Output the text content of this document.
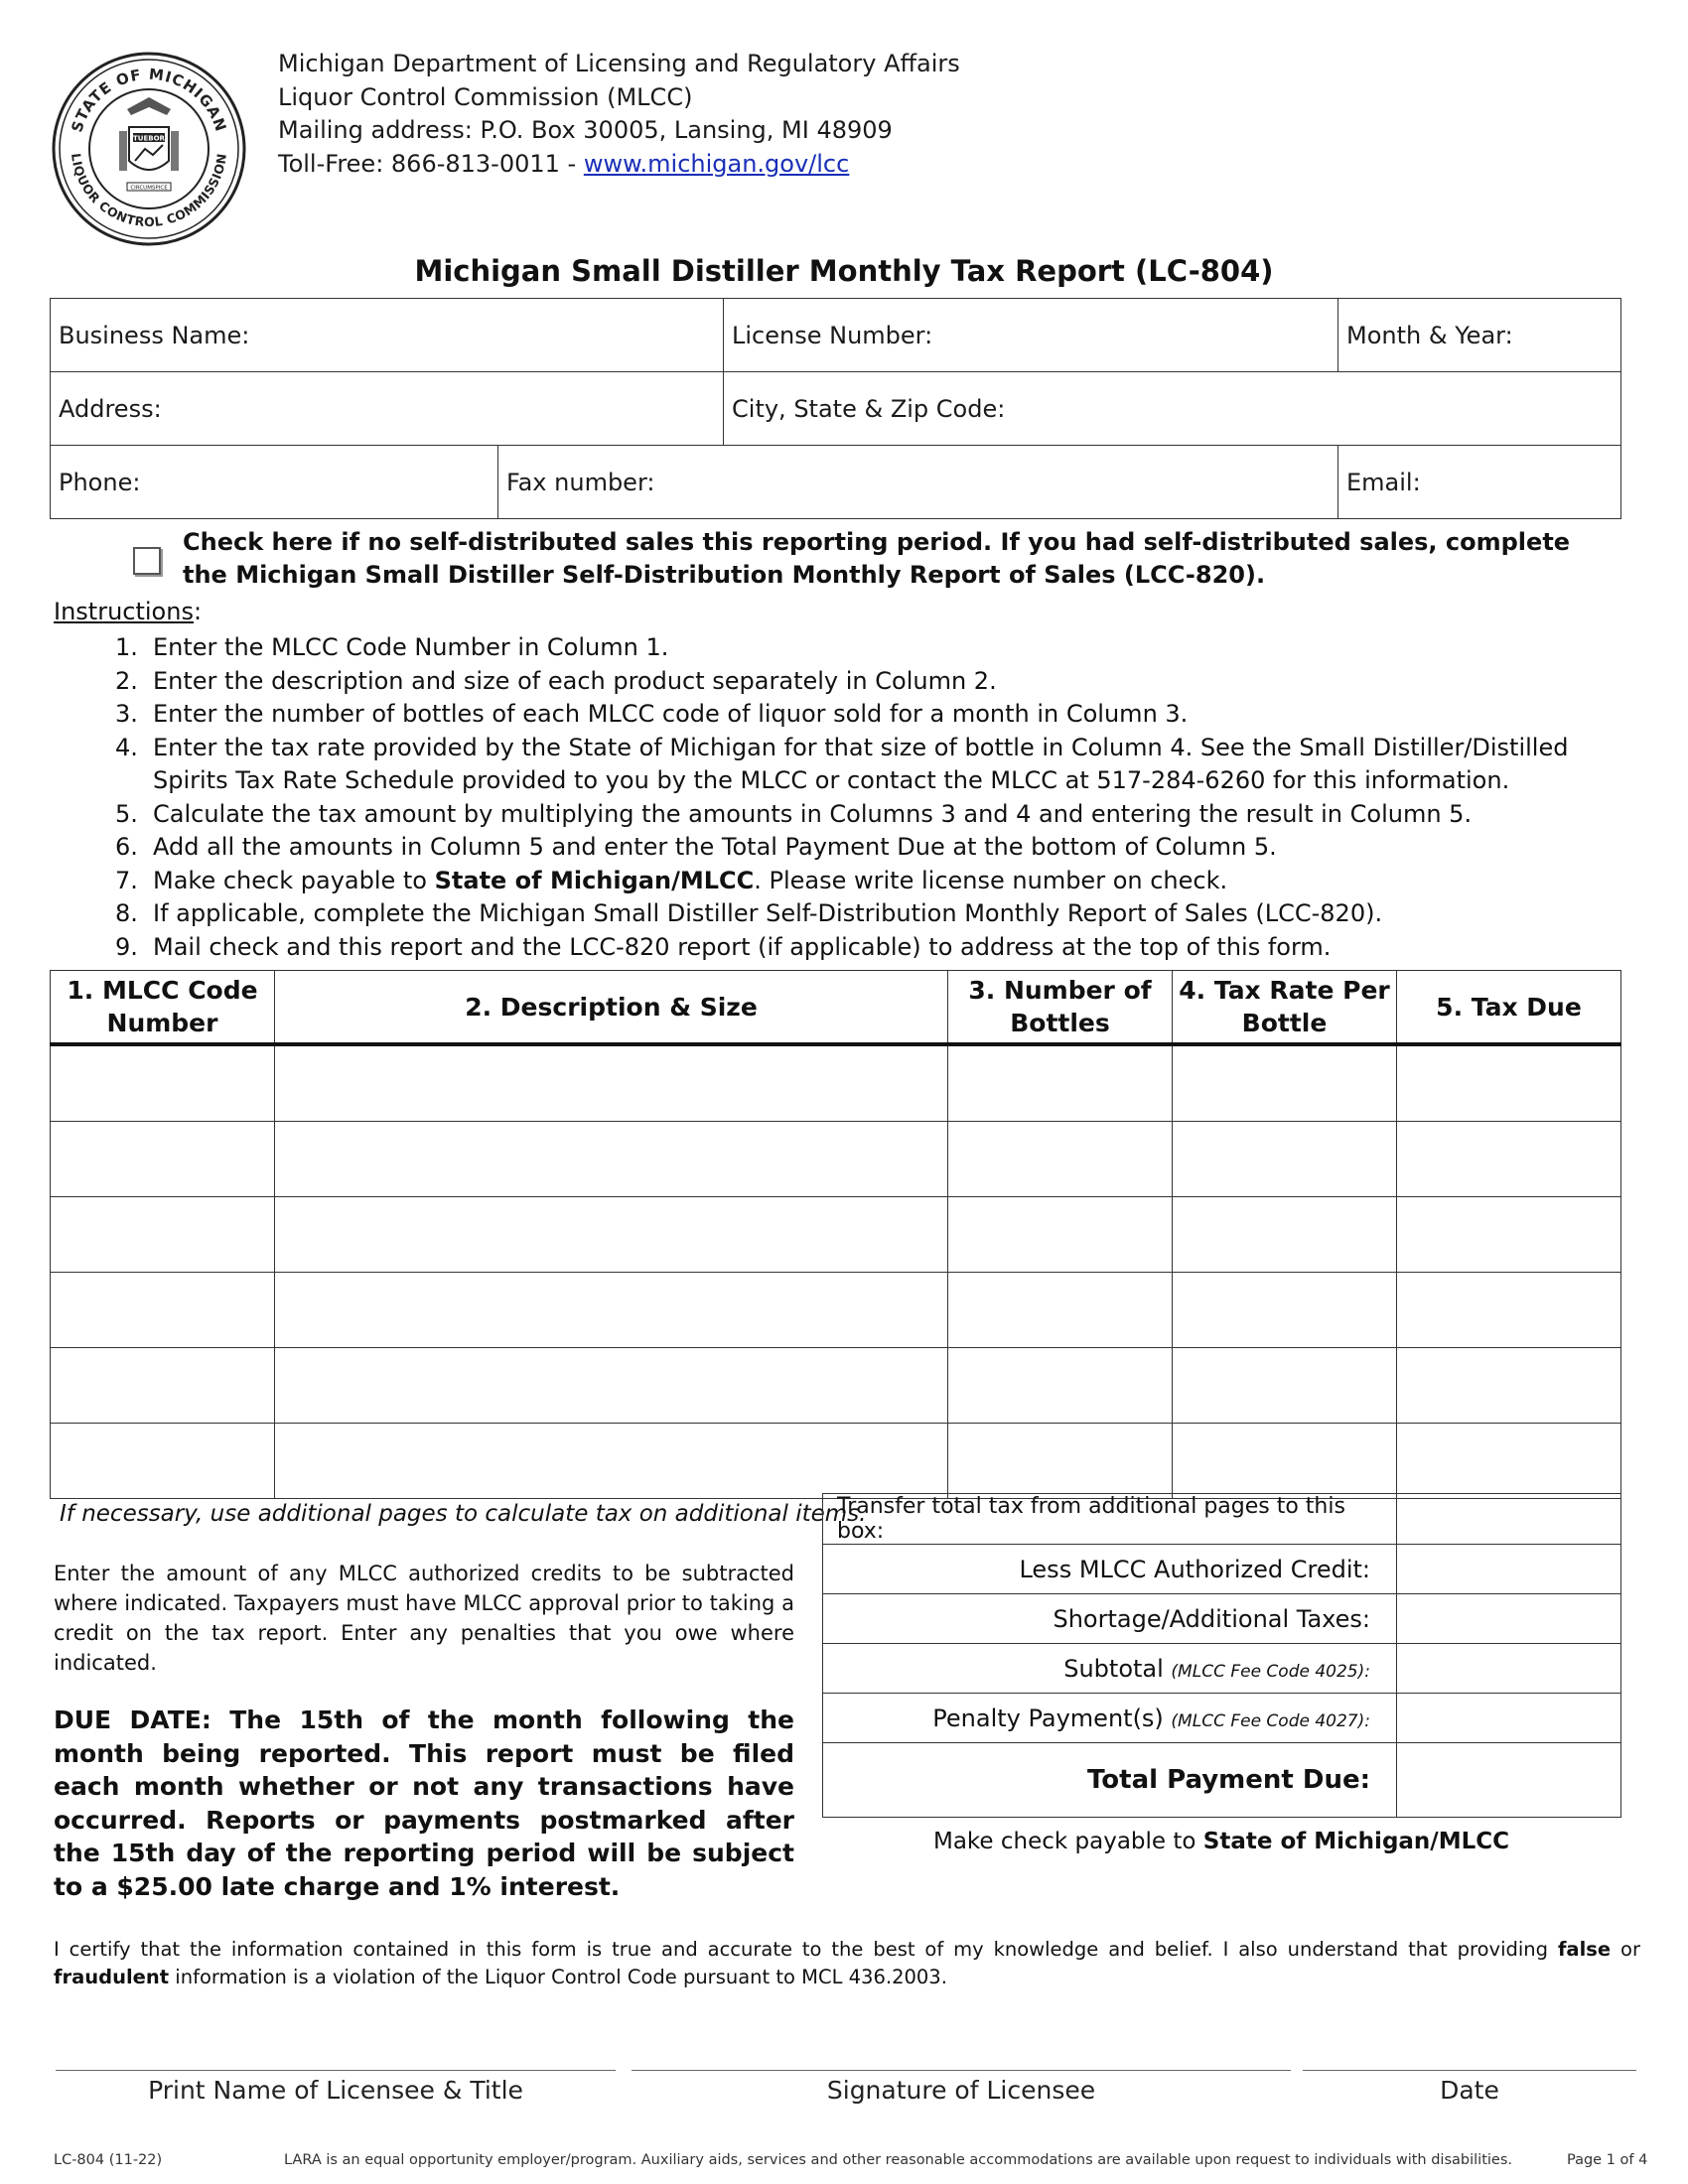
STATE OF MICHIGAN
LIQUOR CONTROL COMMISSION
TUEBOR
CIRCUMSPICE
Michigan Department of Licensing and Regulatory Affairs
Liquor Control Commission (MLCC)
Mailing address: P.O. Box 30005, Lansing, MI 48909
Toll-Free: 866-813-0011 - www.michigan.gov/lcc
Michigan Small Distiller Monthly Tax Report (LC-804)
Business Name:		License Number:	Month & Year:
Address:		City, State & Zip Code:	
Phone:	Fax number:		Email:
Check here if no self-distributed sales this reporting period. If you had self-distributed sales, complete the Michigan Small Distiller Self-Distribution Monthly Report of Sales (LCC-820).
Instructions:
1. Enter the MLCC Code Number in Column 1.
2. Enter the description and size of each product separately in Column 2.
3. Enter the number of bottles of each MLCC code of liquor sold for a month in Column 3.
4. Enter the tax rate provided by the State of Michigan for that size of bottle in Column 4. See the Small Distiller/Distilled Spirits Tax Rate Schedule provided to you by the MLCC or contact the MLCC at 517-284-6260 for this information.
5. Calculate the tax amount by multiplying the amounts in Columns 3 and 4 and entering the result in Column 5.
6. Add all the amounts in Column 5 and enter the Total Payment Due at the bottom of Column 5.
7. Make check payable to State of Michigan/MLCC. Please write license number on check.
8. If applicable, complete the Michigan Small Distiller Self-Distribution Monthly Report of Sales (LCC-820).
9. Mail check and this report and the LCC-820 report (if applicable) to address at the top of this form.
1. MLCC Code Number	2. Description & Size	3. Number of Bottles	4. Tax Rate Per Bottle	5. Tax Due

If necessary, use additional pages to calculate tax on additional items.
Enter the amount of any MLCC authorized credits to be subtracted where indicated. Taxpayers must have MLCC approval prior to taking a credit on the tax report. Enter any penalties that you owe where indicated.
DUE DATE: The 15th of the month following the month being reported. This report must be filed each month whether or not any transactions have occurred. Reports or payments postmarked after the 15th day of the reporting period will be subject to a $25.00 late charge and 1% interest.
Transfer total tax from additional pages to this box:	
Less MLCC Authorized Credit:	
Shortage/Additional Taxes:	
Subtotal (MLCC Fee Code 4025):	
Penalty Payment(s) (MLCC Fee Code 4027):	
Total Payment Due:	
Make check payable to State of Michigan/MLCC
I certify that the information contained in this form is true and accurate to the best of my knowledge and belief. I also understand that providing false or fraudulent information is a violation of the Liquor Control Code pursuant to MCL 436.2003.
Print Name of Licensee & Title	Signature of Licensee	Date
LC-804 (11-22)	LARA is an equal opportunity employer/program. Auxiliary aids, services and other reasonable accommodations are available upon request to individuals with disabilities.	Page 1 of 4
